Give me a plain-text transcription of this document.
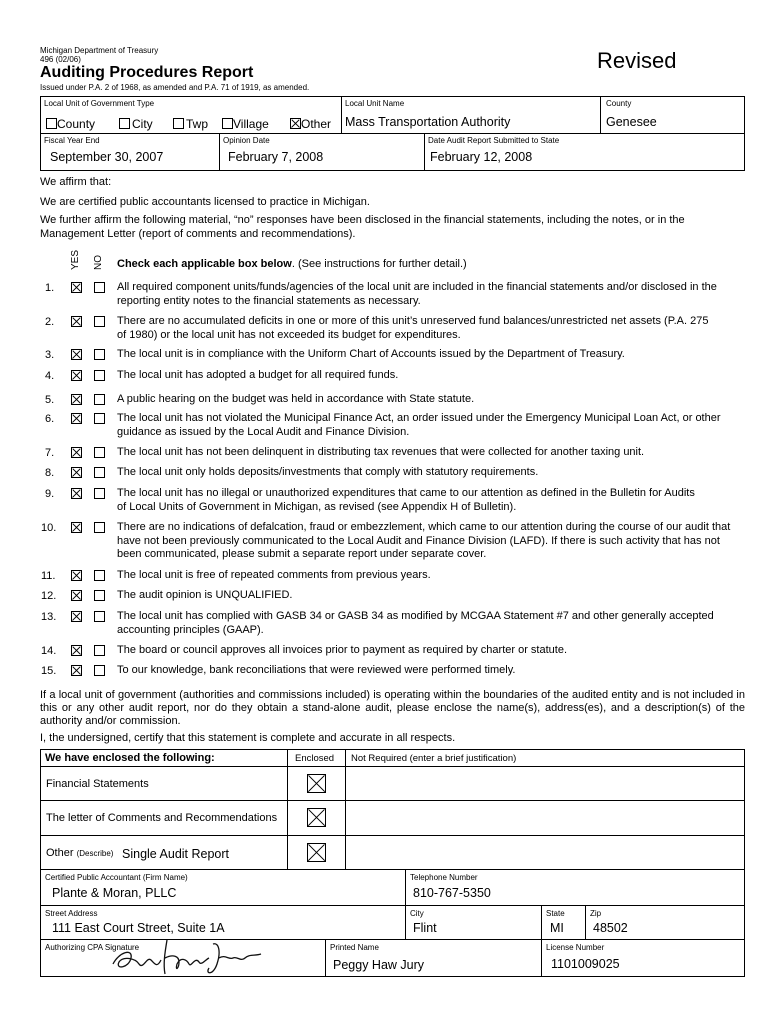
Michigan Department of Treasury
496 (02/06)
Auditing Procedures Report
Issued under P.A. 2 of 1968, as amended and P.A. 71 of 1919, as amended.
Revised
Local Unit of Government Type
County	City	Twp	Village	Other
Local Unit Name
Mass Transportation Authority
County
Genesee
Fiscal Year End
September 30, 2007
Opinion Date
February 7, 2008
Date Audit Report Submitted to State
February 12, 2008
We affirm that:
We are certified public accountants licensed to practice in Michigan.
We further affirm the following material, “no” responses have been disclosed in the financial statements, including the notes, or in the Management Letter (report of comments and recommendations).
YES	NO Check each applicable box below. (See instructions for further detail.)
1.	All required component units/funds/agencies of the local unit are included in the financial statements and/or disclosed in the reporting entity notes to the financial statements as necessary.
2.	There are no accumulated deficits in one or more of this unit’s unreserved fund balances/unrestricted net assets (P.A. 275 of 1980) or the local unit has not exceeded its budget for expenditures.
3.	The local unit is in compliance with the Uniform Chart of Accounts issued by the Department of Treasury.
4.	The local unit has adopted a budget for all required funds.
5.	A public hearing on the budget was held in accordance with State statute.
6.	The local unit has not violated the Municipal Finance Act, an order issued under the Emergency Municipal Loan Act, or other guidance as issued by the Local Audit and Finance Division.
7.	The local unit has not been delinquent in distributing tax revenues that were collected for another taxing unit.
8.	The local unit only holds deposits/investments that comply with statutory requirements.
9.	The local unit has no illegal or unauthorized expenditures that came to our attention as defined in the Bulletin for Audits of Local Units of Government in Michigan, as revised (see Appendix H of Bulletin).
10.	There are no indications of defalcation, fraud or embezzlement, which came to our attention during the course of our audit that have not been previously communicated to the Local Audit and Finance Division (LAFD). If there is such activity that has not been communicated, please submit a separate report under separate cover.
11.	The local unit is free of repeated comments from previous years.
12.	The audit opinion is UNQUALIFIED.
13.	The local unit has complied with GASB 34 or GASB 34 as modified by MCGAA Statement #7 and other generally accepted accounting principles (GAAP).
14.	The board or council approves all invoices prior to payment as required by charter or statute.
15.	To our knowledge, bank reconciliations that were reviewed were performed timely.
If a local unit of government (authorities and commissions included) is operating within the boundaries of the audited entity and is not included in this or any other audit report, nor do they obtain a stand-alone audit, please enclose the name(s), address(es), and a description(s) of the authority and/or commission.
I, the undersigned, certify that this statement is complete and accurate in all respects.
We have enclosed the following:	Enclosed Not Required (enter a brief justification)
Financial Statements
The letter of Comments and Recommendations
Other (Describe) Single Audit Report
Certified Public Accountant (Firm Name)
Plante & Moran, PLLC
Telephone Number
810-767-5350
Street Address
111 East Court Street, Suite 1A
City
Flint
State
MI
Zip
48502
Authorizing CPA Signature	Printed Name
Peggy Haw Jury
License Number
1101009025
